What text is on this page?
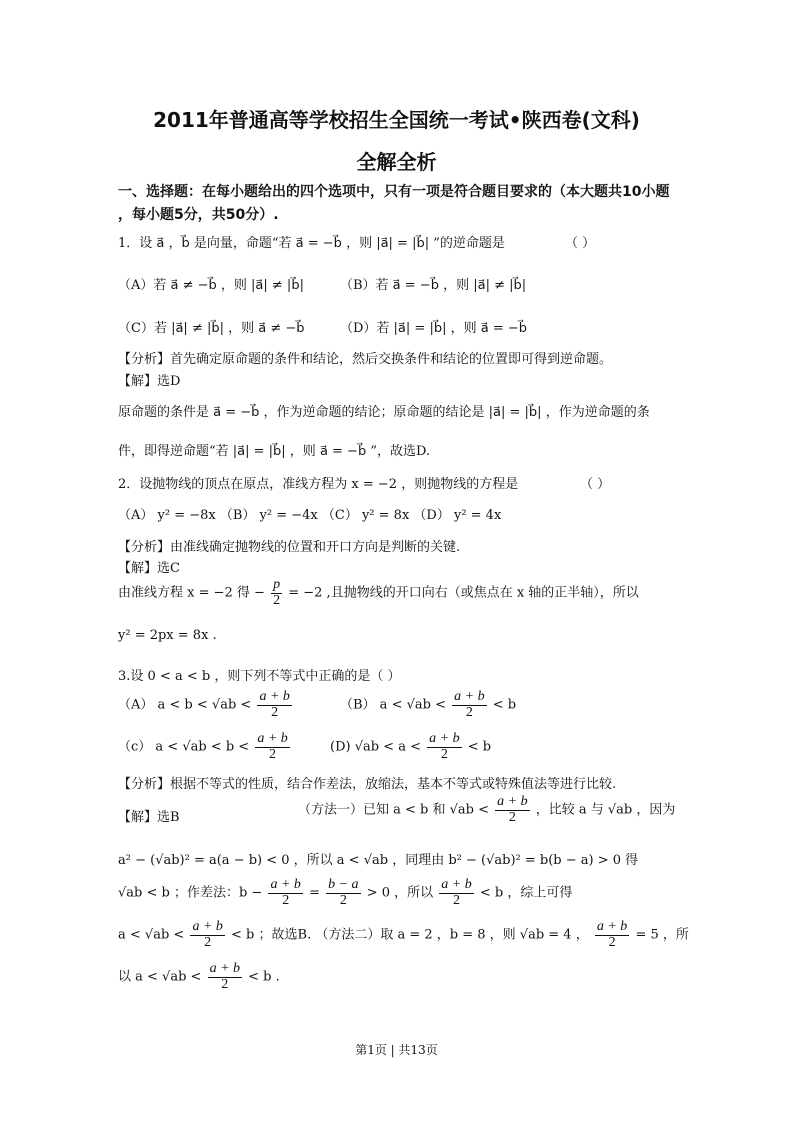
2011年普通高等学校招生全国统一考试•陕西卷(文科)
全解全析
一、选择题：在每小题给出的四个选项中，只有一项是符合题目要求的（本大题共10小题
，每小题5分，共50分）.
1．设 a⃗ ，b⃗ 是向量，命题“若 a⃗ = −b⃗ ，则 |a⃗| = |b⃗| ”的逆命题是	（ ）
（A）若 a⃗ ≠ −b⃗ ，则 |a⃗| ≠ |b⃗|	（B）若 a⃗ = −b⃗ ，则 |a⃗| ≠ |b⃗|
（C）若 |a⃗| ≠ |b⃗| ，则 a⃗ ≠ −b⃗	（D）若 |a⃗| = |b⃗| ，则 a⃗ = −b⃗
【分析】首先确定原命题的条件和结论，然后交换条件和结论的位置即可得到逆命题。
【解】选D
原命题的条件是 a⃗ = −b⃗ ，作为逆命题的结论；原命题的结论是 |a⃗| = |b⃗| ，作为逆命题的条
件，即得逆命题“若 |a⃗| = |b⃗| ，则 a⃗ = −b⃗ ”，故选D.
2．设抛物线的顶点在原点，准线方程为 x = −2 ，则抛物线的方程是	（ ）
（A） y² = −8x （B） y² = −4x （C） y² = 8x （D） y² = 4x
【分析】由准线确定抛物线的位置和开口方向是判断的关键.
【解】选C
由准线方程 x = −2 得 − $\frac{p}{2} = -2$ ,且抛物线的开口向右（或焦点在 x 轴的正半轴），所以
y² = 2px = 8x .
3.设 0 < a < b ，则下列不等式中正确的是（ ）
（A） $a < b < √ab < \frac{a + b}{2}$	（B） $a < √ab < \frac{a + b}{2} < b$
（c） $a < √ab < b < \frac{a + b}{2}$	(D) $√ab < a < \frac{a + b}{2} < b$
【分析】根据不等式的性质，结合作差法，放缩法，基本不等式或特殊值法等进行比较.
【解】选B	（方法一）已知 a < b 和 $√ab < \frac{a + b}{2}$ ，比较 a 与 √ab ，因为
a² − (√ab)² = a(a − b) < 0 ，所以 a < √ab ，同理由 b² − (√ab)² = b(b − a) > 0 得
√ab < b ；作差法：$b - \frac{a + b}{2} = \frac{b - a}{2} > 0$ ，所以 $\frac{a + b}{2} < b$ ，综上可得
$a < √ab < \frac{a + b}{2} < b$ ；故选B. （方法二）取 a = 2 ，b = 8 ，则 √ab = 4 ， $\frac{a + b}{2} = 5$ ，所
以 $a < √ab < \frac{a + b}{2} < b$ .
第1页 | 共13页
